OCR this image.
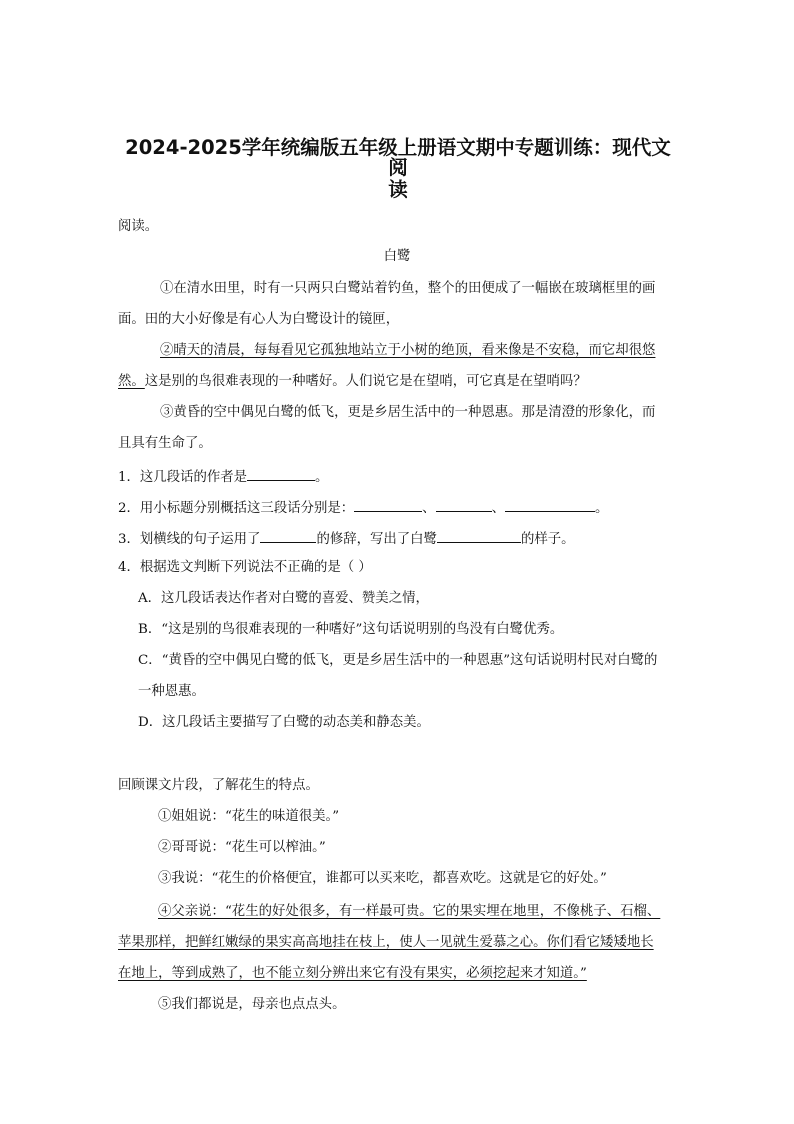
2024-2025学年统编版五年级上册语文期中专题训练：现代文阅
读
阅读。
白鹭
①在清水田里，时有一只两只白鹭站着钓鱼，整个的田便成了一幅嵌在玻璃框里的画
面。田的大小好像是有心人为白鹭设计的镜匣，
②晴天的清晨，每每看见它孤独地站立于小树的绝顶，看来像是不安稳，而它却很悠
然。这是别的鸟很难表现的一种嗜好。人们说它是在望哨，可它真是在望哨吗？
③黄昏的空中偶见白鹭的低飞，更是乡居生活中的一种恩惠。那是清澄的形象化，而
且具有生命了。
1．这几段话的作者是	。
2．用小标题分别概括这三段话分别是：	、	、	。
3．划横线的句子运用了	的修辞，写出了白鹭	的样子。
4．根据选文判断下列说法不正确的是（ ）
A．这几段话表达作者对白鹭的喜爱、赞美之情，
B．“这是别的鸟很难表现的一种嗜好”这句话说明别的鸟没有白鹭优秀。
C．“黄昏的空中偶见白鹭的低飞，更是乡居生活中的一种恩惠”这句话说明村民对白鹭的
一种恩惠。
D．这几段话主要描写了白鹭的动态美和静态美。
回顾课文片段，了解花生的特点。
①姐姐说：“花生的味道很美。”
②哥哥说：“花生可以榨油。”
③我说：“花生的价格便宜，谁都可以买来吃，都喜欢吃。这就是它的好处。”
④父亲说：“花生的好处很多，有一样最可贵。它的果实埋在地里，不像桃子、石榴、
苹果那样，把鲜红嫩绿的果实高高地挂在枝上，使人一见就生爱慕之心。你们看它矮矮地长
在地上，等到成熟了，也不能立刻分辨出来它有没有果实，必须挖起来才知道。”
⑤我们都说是，母亲也点点头。
